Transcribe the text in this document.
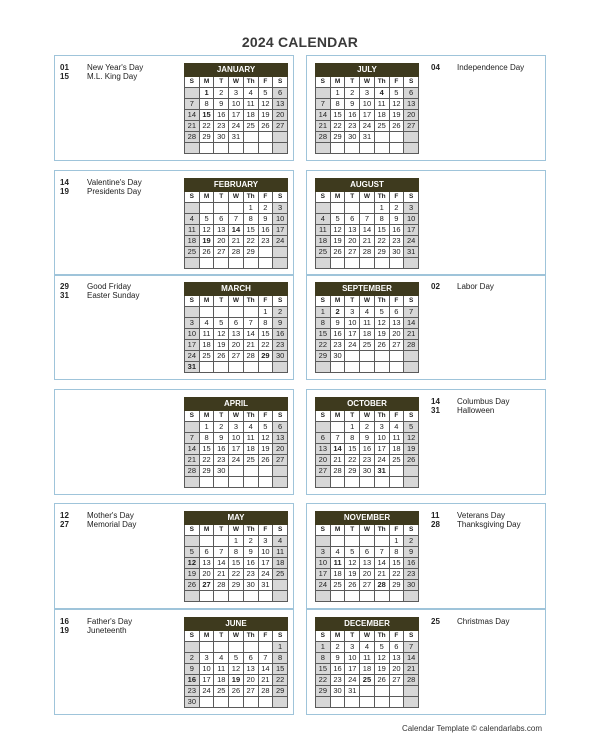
2024 CALENDAR
JANUARY						
S	M	T	W	Th	F	S
	1	2	3	4	5	6
7	8	9	10	11	12	13
14	15	16	17	18	19	20
21	22	23	24	25	26	27
28	29	30	31			

01 New Year's Day
15 M.L. King Day
FEBRUARY						
S	M	T	W	Th	F	S
				1	2	3
4	5	6	7	8	9	10
11	12	13	14	15	16	17
18	19	20	21	22	23	24
25	26	27	28	29		

14 Valentine's Day
19 Presidents Day
MARCH						
S	M	T	W	Th	F	S
					1	2
3	4	5	6	7	8	9
10	11	12	13	14	15	16
17	18	19	20	21	22	23
24	25	26	27	28	29	30
31						
29 Good Friday
31 Easter Sunday
APRIL						
S	M	T	W	Th	F	S
	1	2	3	4	5	6
7	8	9	10	11	12	13
14	15	16	17	18	19	20
21	22	23	24	25	26	27
28	29	30				

MAY						
S	M	T	W	Th	F	S
			1	2	3	4
5	6	7	8	9	10	11
12	13	14	15	16	17	18
19	20	21	22	23	24	25
26	27	28	29	30	31	

12 Mother's Day
27 Memorial Day
JUNE						
S	M	T	W	Th	F	S
						1
2	3	4	5	6	7	8
9	10	11	12	13	14	15
16	17	18	19	20	21	22
23	24	25	26	27	28	29
30						
16 Father's Day
19 Juneteenth
JULY						
S	M	T	W	Th	F	S
	1	2	3	4	5	6
7	8	9	10	11	12	13
14	15	16	17	18	19	20
21	22	23	24	25	26	27
28	29	30	31			

04 Independence Day
AUGUST						
S	M	T	W	Th	F	S
				1	2	3
4	5	6	7	8	9	10
11	12	13	14	15	16	17
18	19	20	21	22	23	24
25	26	27	28	29	30	31

SEPTEMBER						
S	M	T	W	Th	F	S
1	2	3	4	5	6	7
8	9	10	11	12	13	14
15	16	17	18	19	20	21
22	23	24	25	26	27	28
29	30					

02 Labor Day
OCTOBER						
S	M	T	W	Th	F	S
		1	2	3	4	5
6	7	8	9	10	11	12
13	14	15	16	17	18	19
20	21	22	23	24	25	26
27	28	29	30	31		

14 Columbus Day
31 Halloween
NOVEMBER						
S	M	T	W	Th	F	S
					1	2
3	4	5	6	7	8	9
10	11	12	13	14	15	16
17	18	19	20	21	22	23
24	25	26	27	28	29	30

11 Veterans Day
28 Thanksgiving Day
DECEMBER						
S	M	T	W	Th	F	S
1	2	3	4	5	6	7
8	9	10	11	12	13	14
15	16	17	18	19	20	21
22	23	24	25	26	27	28
29	30	31				

25 Christmas Day
Calendar Template © calendarlabs.com
